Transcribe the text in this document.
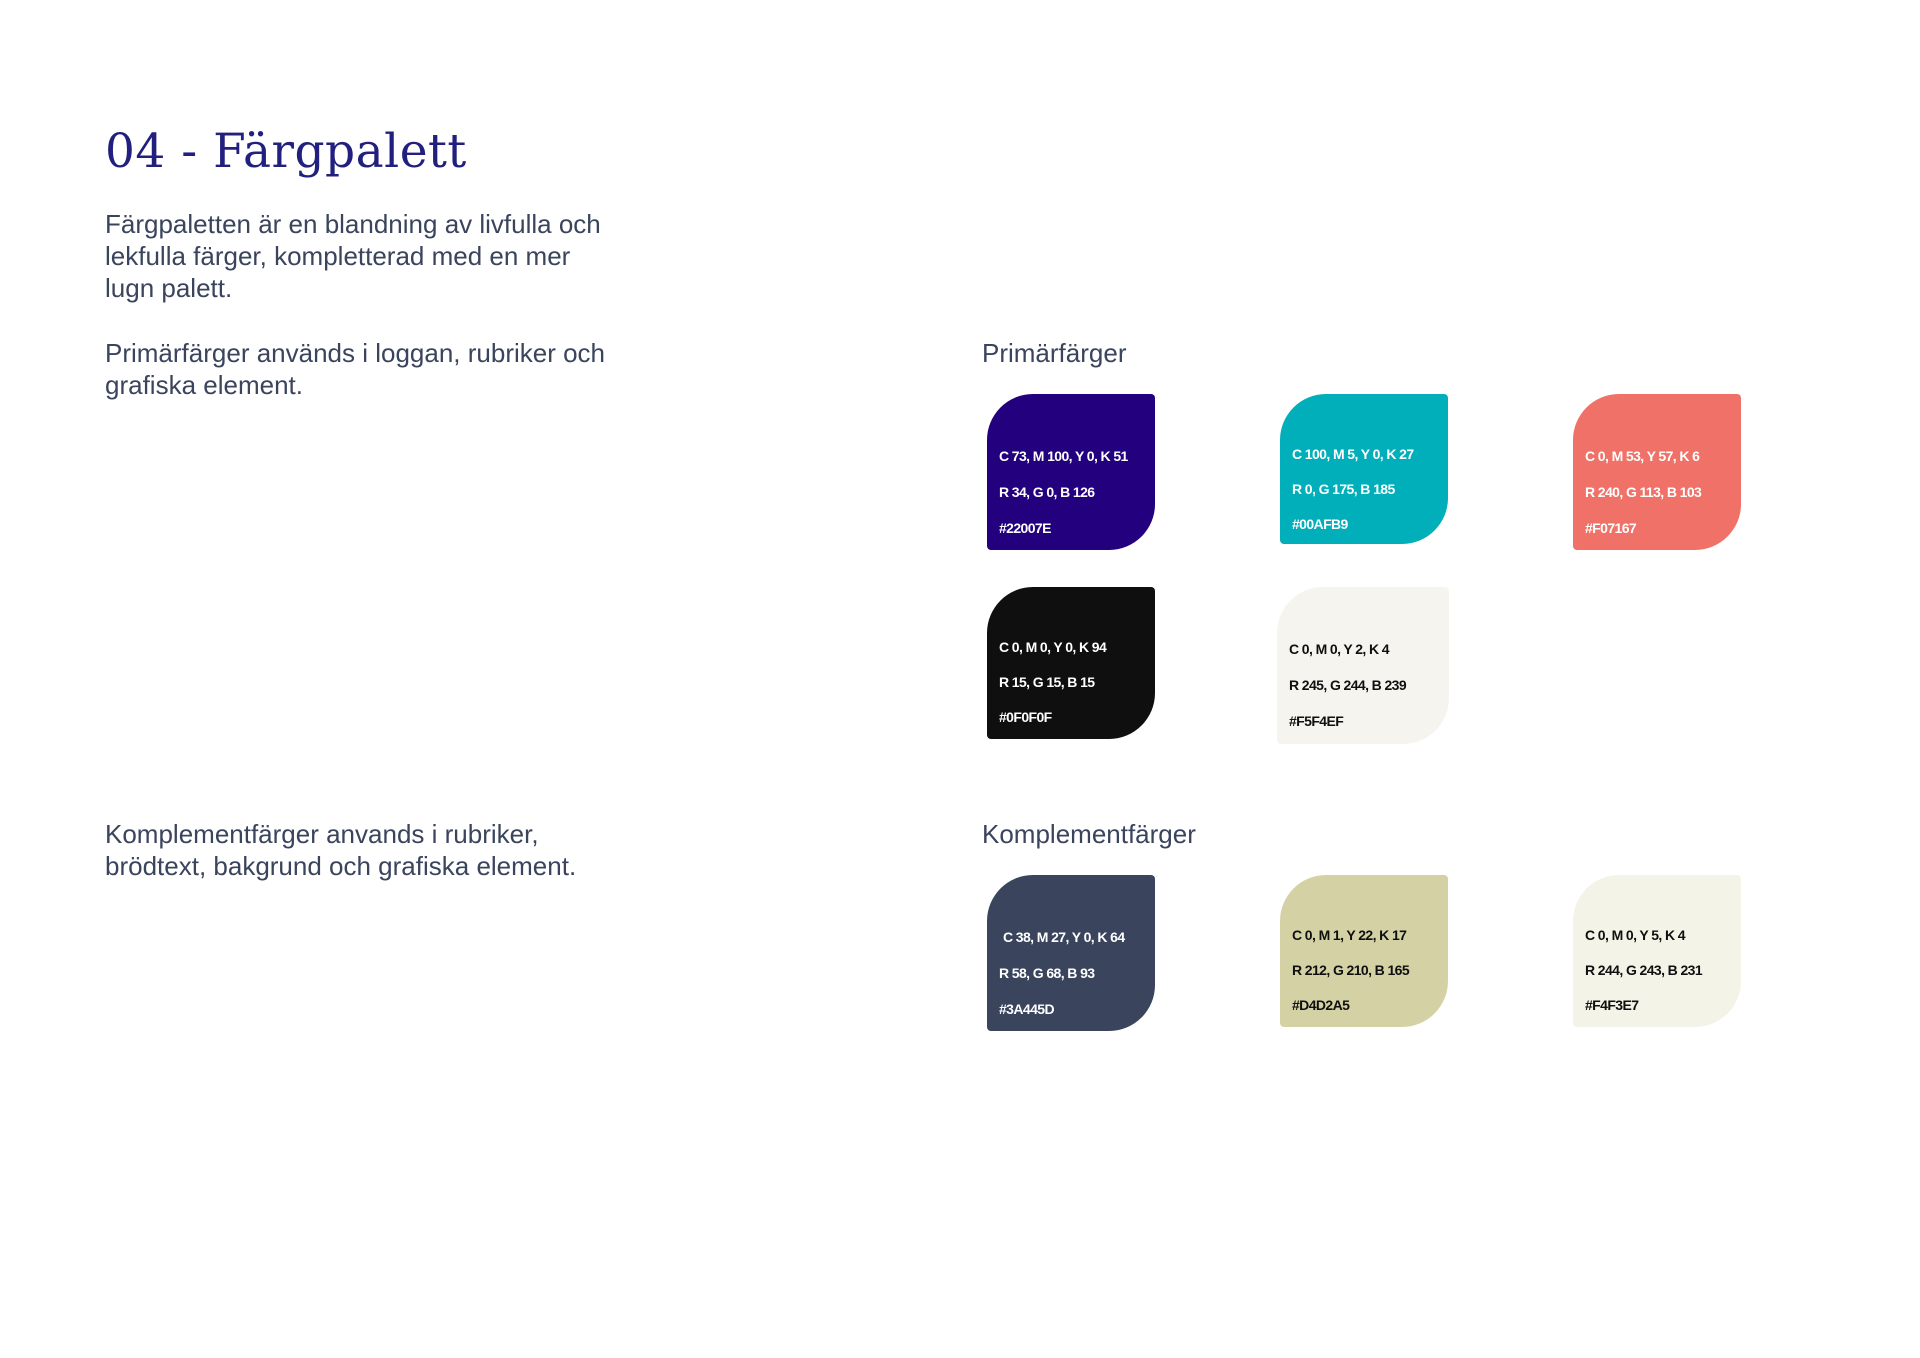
04 - Färgpalett

Färgpaletten är en blandning av livfulla och
lekfulla färger, kompletterad med en mer
lugn palett.

Primärfärger används i loggan, rubriker och
grafiska element.

Komplementfärger anvands i rubriker,
brödtext, bakgrund och grafiska element.

Primärfärger
Komplementfärger
C 73, M 100, Y 0, K 51
R 34, G 0, B 126
#22007E
C 100, M 5, Y 0, K 27
R 0, G 175, B 185
#00AFB9
C 0, M 53, Y 57, K 6
R 240, G 113, B 103
#F07167
C 0, M 0, Y 0, K 94
R 15, G 15, B 15
#0F0F0F
C 0, M 0, Y 2, K 4
R 245, G 244, B 239
#F5F4EF
C 38, M 27, Y 0, K 64
R 58, G 68, B 93
#3A445D
C 0, M 1, Y 22, K 17
R 212, G 210, B 165
#D4D2A5
C 0, M 0, Y 5, K 4
R 244, G 243, B 231
#F4F3E7
